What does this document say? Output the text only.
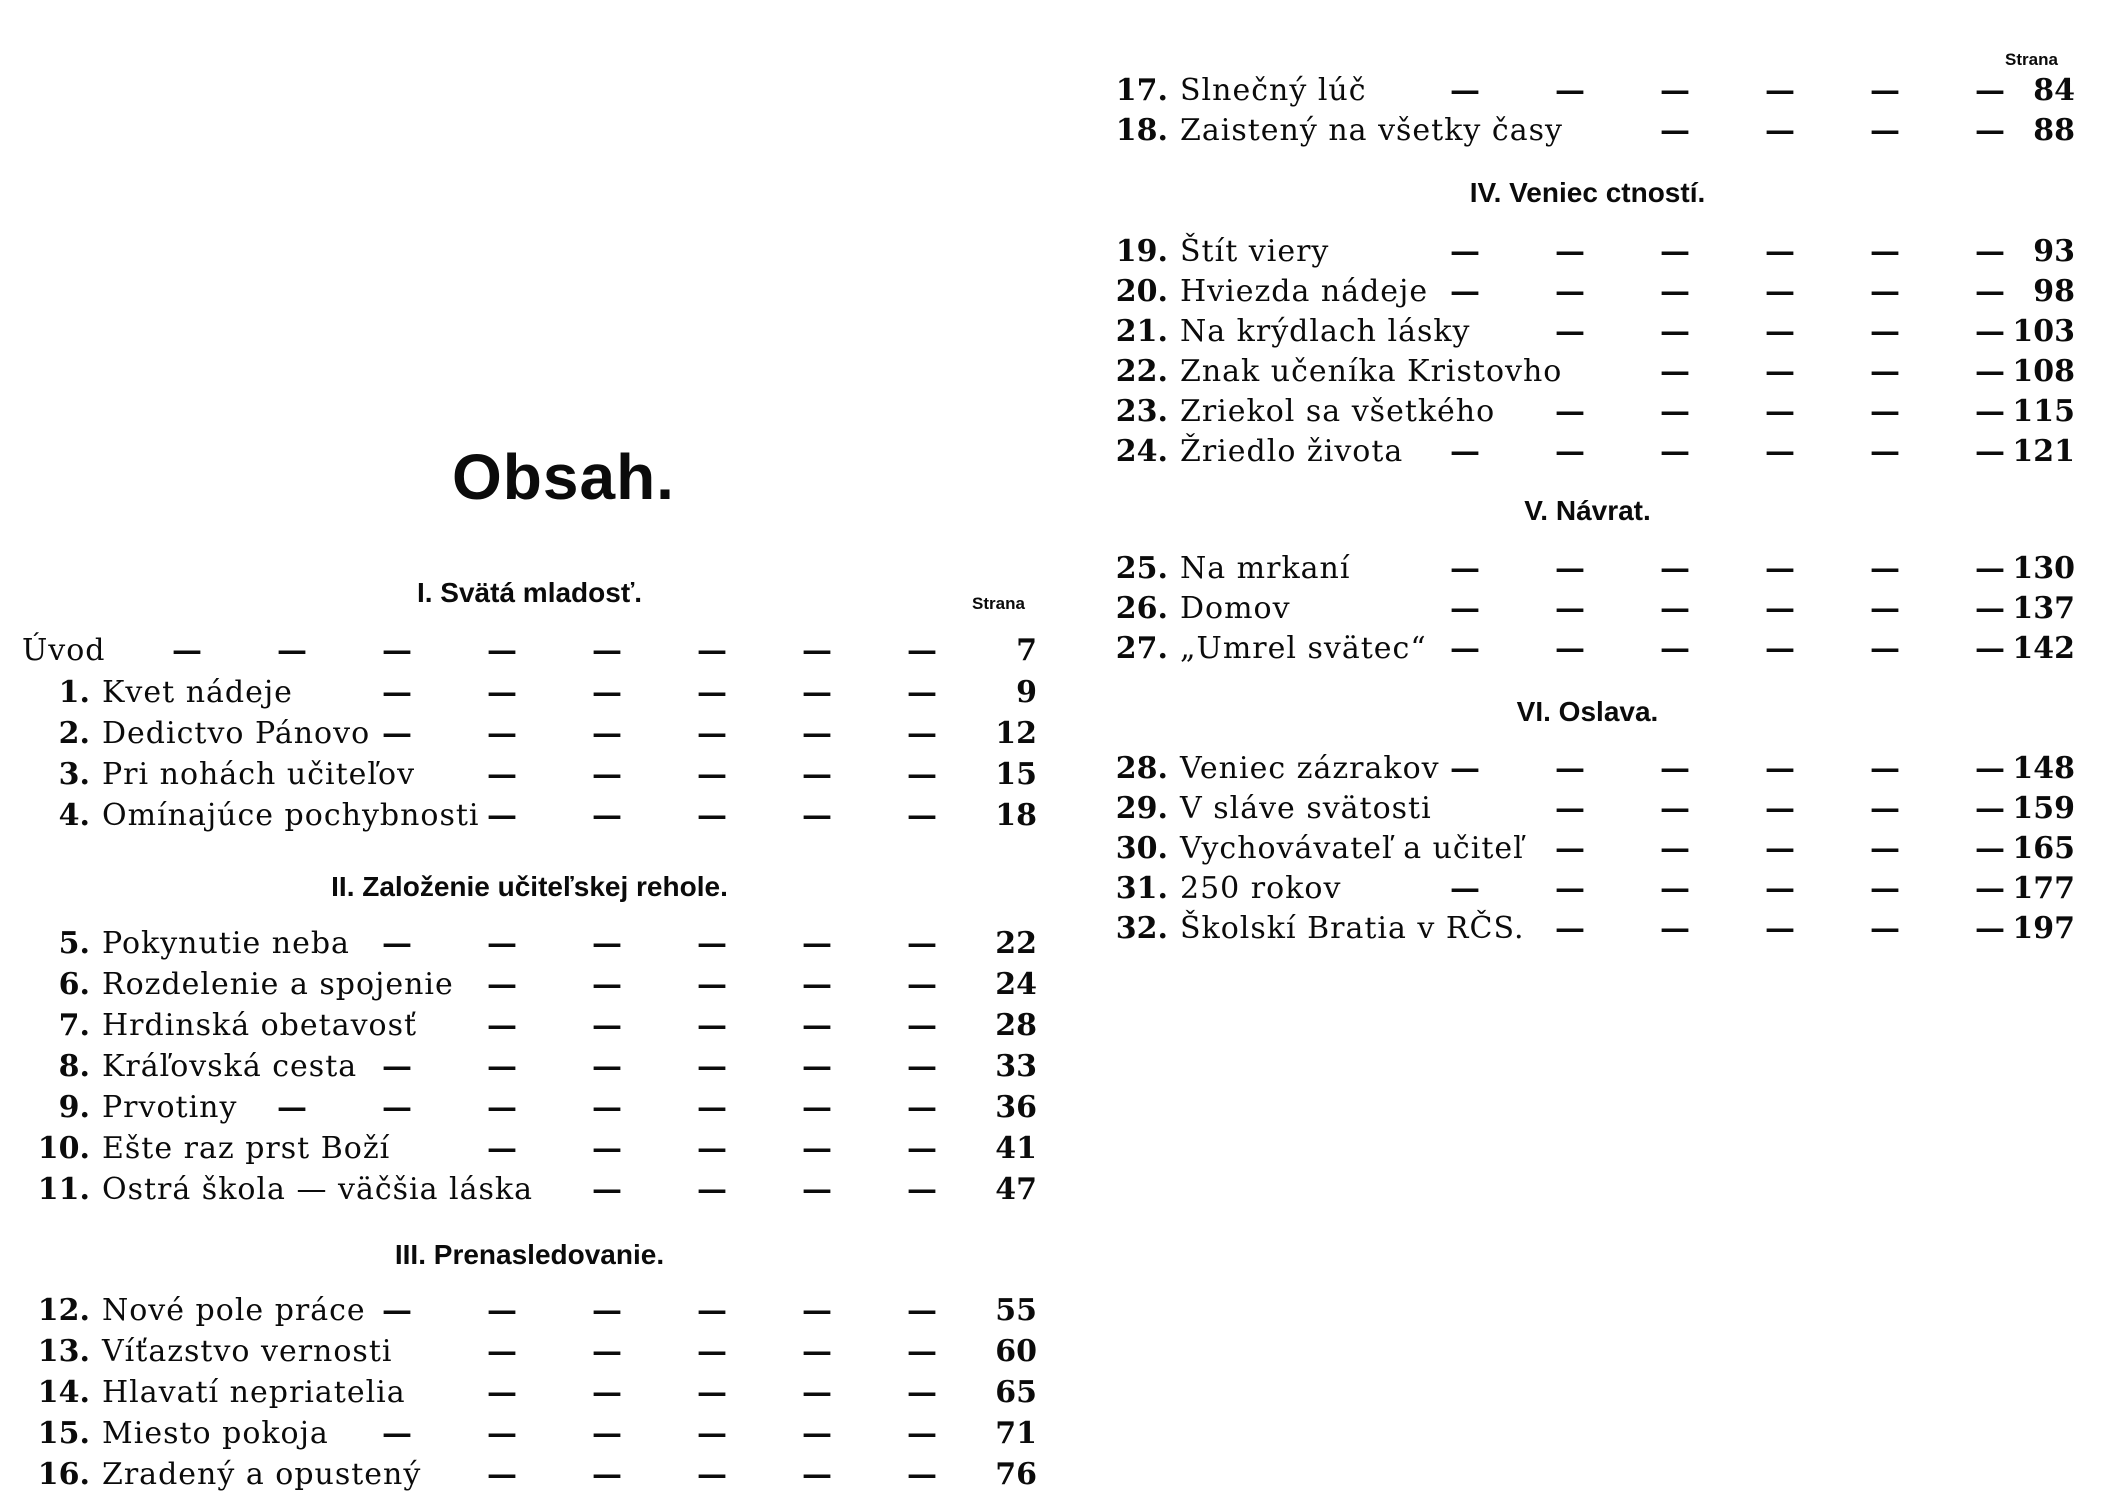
Obsah.
Strana
I. Svätá mladosť.
Úvod —	—	—	—	—	—	—	—	7
1. Kvet nádeje	—	—	—	—	—	—	9
2. Dedictvo Pánovo —	—	—	—	—	— 12
3. Pri nohách učiteľov —	—	—	—	— 15
4. Omínajúce pochybnosti —	—	—	—	— 18
II. Založenie učiteľskej rehole.
5. Pokynutie neba —	—	—	—	—	— 22
6. Rozdelenie a spojenie —	—	—	—	— 24
7. Hrdinská obetavosť —	—	—	—	— 28
8. Kráľovská cesta —	—	—	—	—	— 33
9. Prvotiny —	—	—	—	—	—	— 36
10. Ešte raz prst Boží	—	—	—	—	— 41
11. Ostrá škola — väčšia láska —	—	—	— 47
III. Prenasledovanie.
12. Nové pole práce —	—	—	—	—	— 55
13. Víťazstvo vernosti	—	—	—	—	— 60
14. Hlavatí nepriatelia	—	—	—	—	— 65
15. Miesto pokoja —	—	—	—	—	— 71
16. Zradený a opustený —	—	—	—	— 76
Strana
17. Slnečný lúč	—	—	—	—	—	— 84
18. Zaistený na všetky časy	—	—	—	— 88
IV. Veniec ctností.
19. Štít viery	—	—	—	—	—	— 93
20. Hviezda nádeje —	—	—	—	—	— 98
21. Na krýdlach lásky	—	—	—	—	— 103
22. Znak učeníka Kristovho	—	—	—	— 108
23. Zriekol sa všetkého —	—	—	—	— 115
24. Žriedlo života —	—	—	—	—	— 121
V. Návrat.
25. Na mrkaní	—	—	—	—	—	— 130
26. Domov	—	—	—	—	—	— 137
27. „Umrel svätec“ —	—	—	—	—	— 142
VI. Oslava.
28. Veniec zázrakov —	—	—	—	—	— 148
29. V sláve svätosti	—	—	—	—	— 159
30. Vychovávateľ a učiteľ —	—	—	—	— 165
31. 250 rokov	—	—	—	—	—	— 177
32. Školskí Bratia v RČS. —	—	—	—	— 197
